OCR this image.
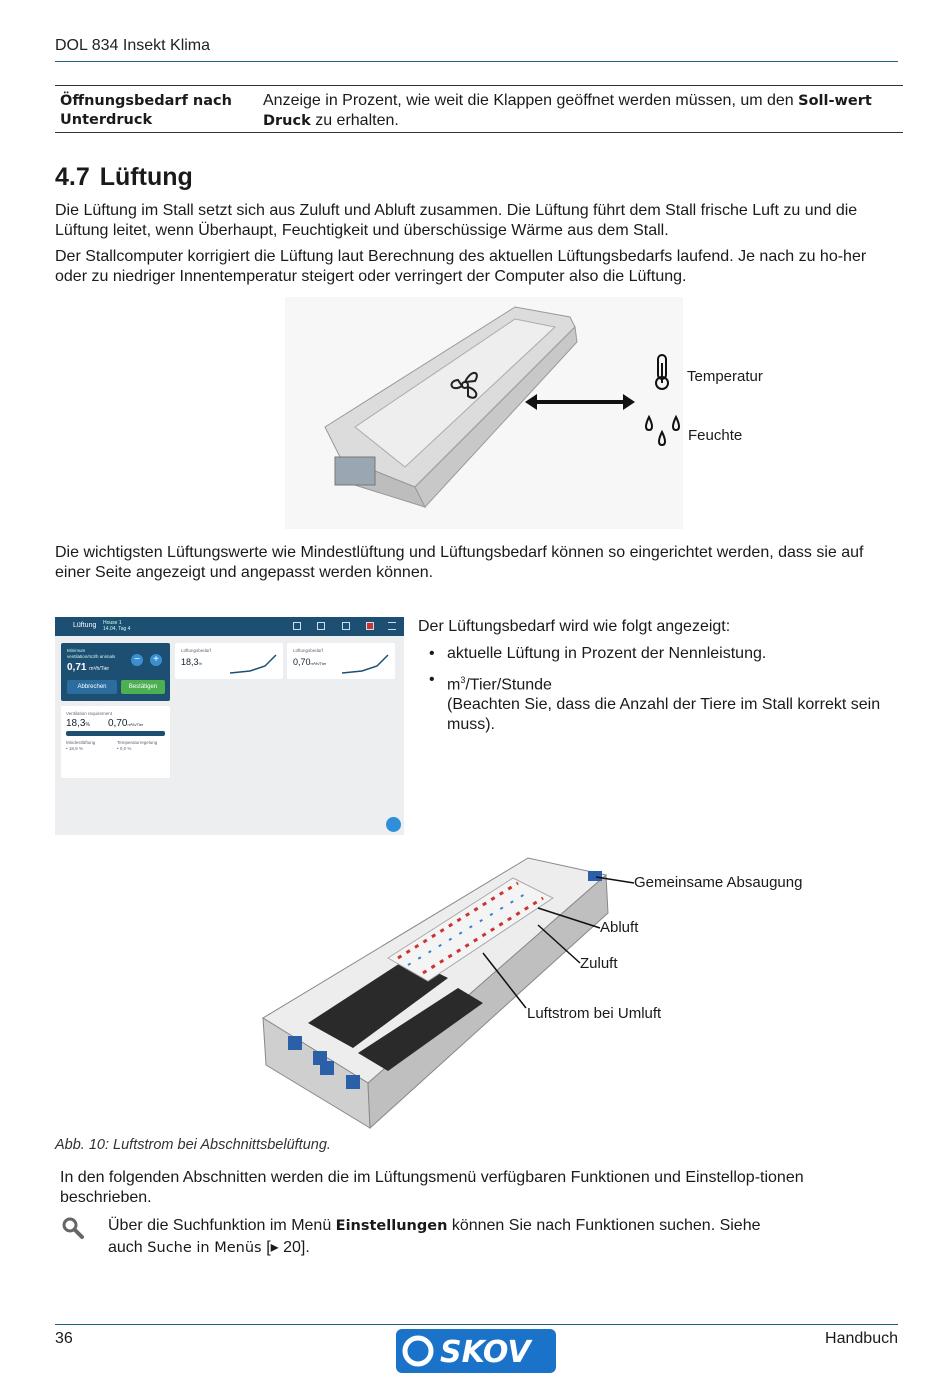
DOL 834 Insekt Klima
Öffnungsbedarf nach Unterdruck
Anzeige in Prozent, wie weit die Klappen geöffnet werden müssen, um den Soll-wert Druck zu erhalten.
4.7 Lüftung
Die Lüftung im Stall setzt sich aus Zuluft und Abluft zusammen. Die Lüftung führt dem Stall frische Luft zu und die Lüftung leitet, wenn Überhaupt, Feuchtigkeit und überschüssige Wärme aus dem Stall.
Der Stallcomputer korrigiert die Lüftung laut Berechnung des aktuellen Lüftungsbedarfs laufend. Je nach zu ho-her oder zu niedriger Innentemperatur steigert oder verringert der Computer also die Lüftung.
Temperatur
Feuchte
Die wichtigsten Lüftungswerte wie Mindestlüftung und Lüftungsbedarf können so eingerichtet werden, dass sie auf einer Seite angezeigt und angepasst werden können.
Lüftung House 1
14.04, Tag 4
Minimum
ventilation/m3/h animals
0,71 m³/h/Tier
−	+
Abbrechen	Bestätigen
Ventilation requirement
18,3% 0,70m³/h/Tier
Mindestlüftung
• 18,9 %
Temperaturregelung
• 0,0 %
Lüftungsbedarf
18,3%
Lüftungsbedarf
0,70m³/h/Tier
Der Lüftungsbedarf wird wie folgt angezeigt:
• aktuelle Lüftung in Prozent der Nennleistung.
• $m^3/Tier$/Stunde
(Beachten Sie, dass die Anzahl der Tiere im Stall korrekt sein muss).
Gemeinsame Absaugung
Abluft
Zuluft
Luftstrom bei Umluft
Abb. 10: Luftstrom bei Abschnittsbelüftung.
In den folgenden Abschnitten werden die im Lüftungsmenü verfügbaren Funktionen und Einstellop-tionen beschrieben.
Über die Suchfunktion im Menü Einstellungen können Sie nach Funktionen suchen. Siehe
auch Suche in Menüs [▸ 20].
36	SKOV	Handbuch
